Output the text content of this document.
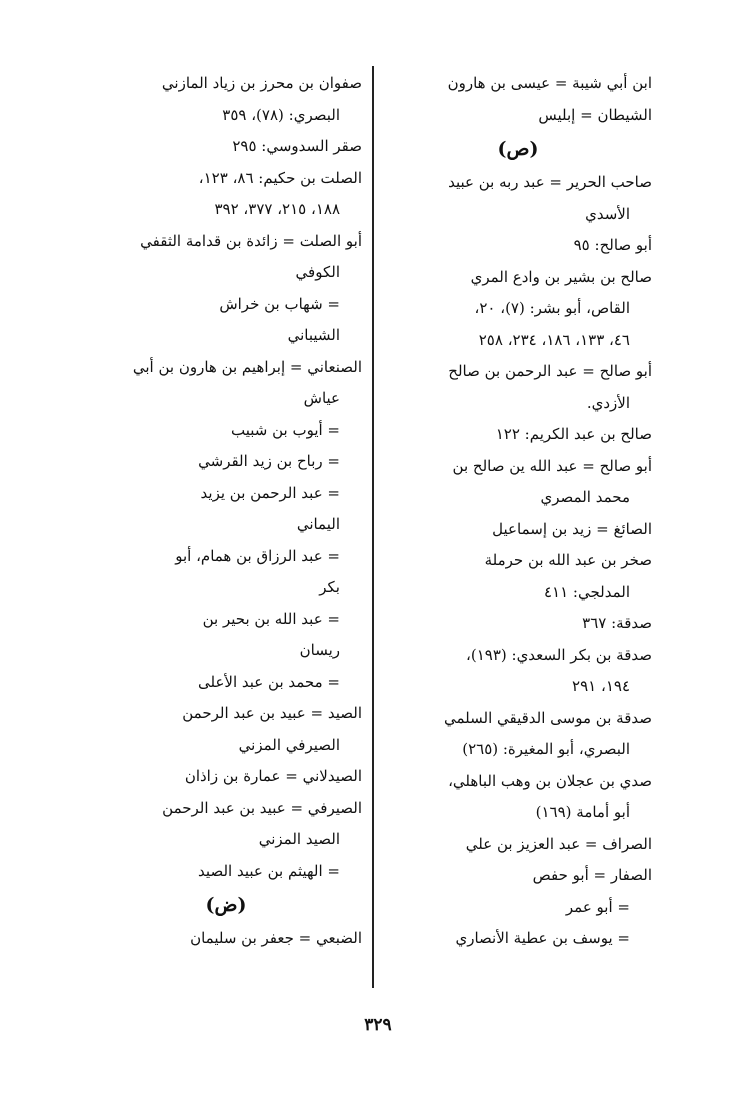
ابن أبي شيبة = عيسى بن هارون

الشيطان = إبليس

(ص)

صاحب الحرير = عبد ربه بن عبيد

الأسدي

أبو صالح: ٩٥

صالح بن بشير بن وادع المري

القاص، أبو بشر: (٧)، ٢٠،

٤٦، ١٣٣، ١٨٦، ٢٣٤، ٢٥٨

أبو صالح = عبد الرحمن بن صالح

الأزدي.

صالح بن عبد الكريم: ١٢٢

أبو صالح = عبد الله ين صالح بن

محمد المصري

الصائغ = زيد بن إسماعيل

صخر بن عبد الله بن حرملة

المدلجي: ٤١١

صدقة: ٣٦٧

صدقة بن بكر السعدي: (١٩٣)،

١٩٤، ٢٩١

صدقة بن موسى الدقيقي السلمي

البصري، أبو المغيرة: (٢٦٥)

صدي بن عجلان بن وهب الباهلي،

أبو أمامة (١٦٩)

الصراف = عبد العزيز بن علي

الصفار = أبو حفص

= أبو عمر

= يوسف بن عطية الأنصاري

صفوان بن محرز بن زياد المازني

البصري: (٧٨)، ٣٥٩

صقر السدوسي: ٢٩٥

الصلت بن حكيم: ٨٦، ١٢٣،

١٨٨، ٢١٥، ٣٧٧، ٣٩٢

أبو الصلت = زائدة بن قدامة الثقفي

الكوفي

= شهاب بن خراش

الشيباني

الصنعاني = إبراهيم بن هارون بن أبي

عياش

= أيوب بن شبيب

= رباح بن زيد القرشي

= عبد الرحمن بن يزيد

اليماني

= عبد الرزاق بن همام، أبو

بكر

= عبد الله بن بحير بن

ريسان

= محمد بن عبد الأعلى

الصيد = عبيد بن عبد الرحمن

الصيرفي المزني

الصيدلاني = عمارة بن زاذان

الصيرفي = عبيد بن عبد الرحمن

الصيد المزني

= الهيثم بن عبيد الصيد

(ض)

الضبعي = جعفر بن سليمان

٣٢٩
